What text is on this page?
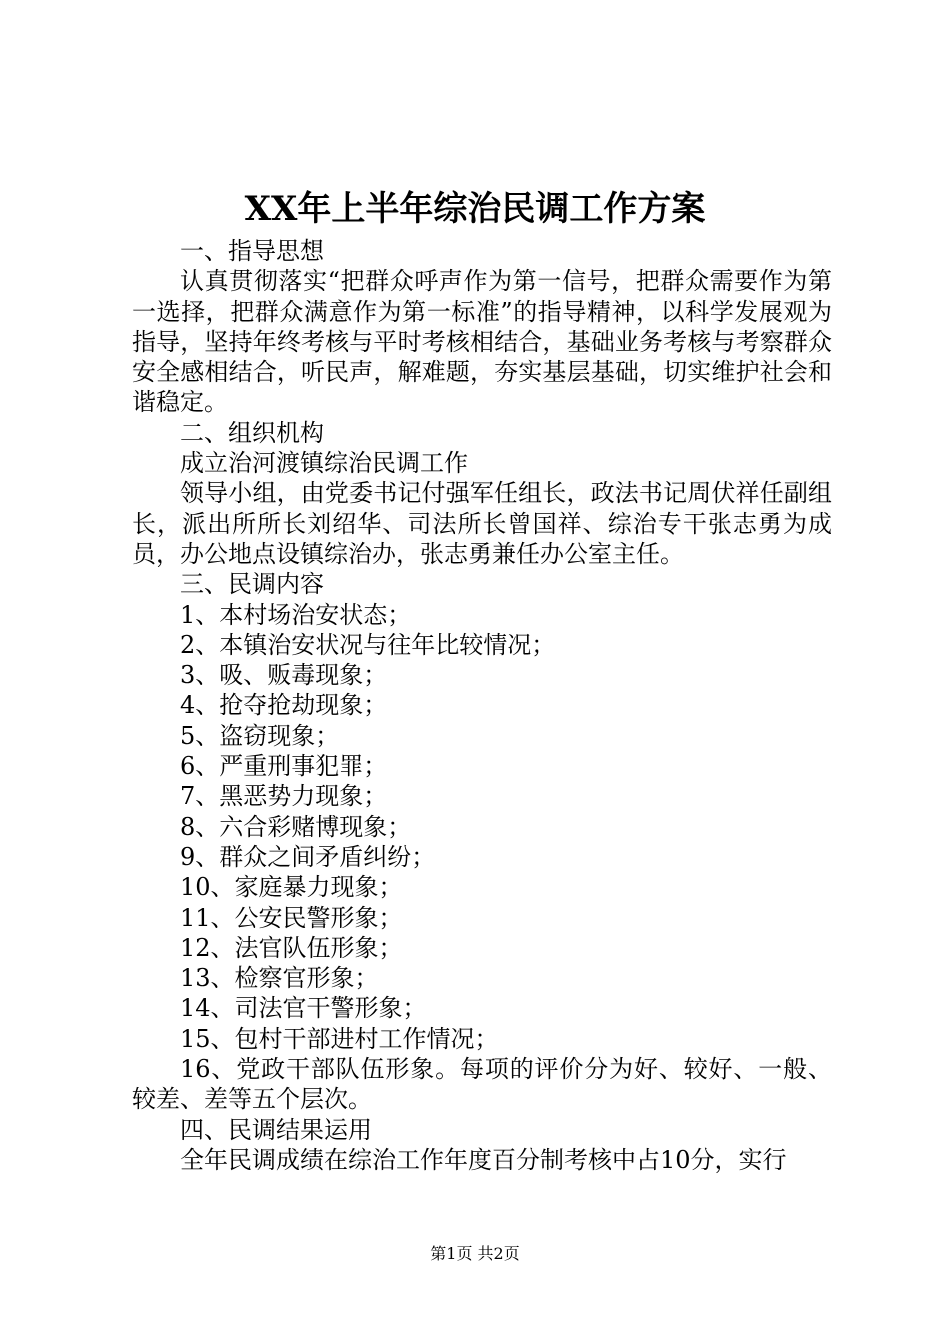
XX年上半年综治民调工作方案

一、指导思想

认真贯彻落实“把群众呼声作为第一信号，把群众需要作为第一选择，把群众满意作为第一标准”的指导精神，以科学发展观为指导，坚持年终考核与平时考核相结合，基础业务考核与考察群众安全感相结合，听民声，解难题，夯实基层基础，切实维护社会和谐稳定。

二、组织机构

成立治河渡镇综治民调工作

领导小组，由党委书记付强军任组长，政法书记周伏祥任副组长，派出所所长刘绍华、司法所长曾国祥、综治专干张志勇为成员，办公地点设镇综治办，张志勇兼任办公室主任。

三、民调内容

1、本村场治安状态；

2、本镇治安状况与往年比较情况；

3、吸、贩毒现象；

4、抢夺抢劫现象；

5、盗窃现象；

6、严重刑事犯罪；

7、黑恶势力现象；

8、六合彩赌博现象；

9、群众之间矛盾纠纷；

10、家庭暴力现象；

11、公安民警形象；

12、法官队伍形象；

13、检察官形象；

14、司法官干警形象；

15、包村干部进村工作情况；

16、党政干部队伍形象。每项的评价分为好、较好、一般、较差、差等五个层次。

四、民调结果运用

全年民调成绩在综治工作年度百分制考核中占10分，实行

第1页 共2页
